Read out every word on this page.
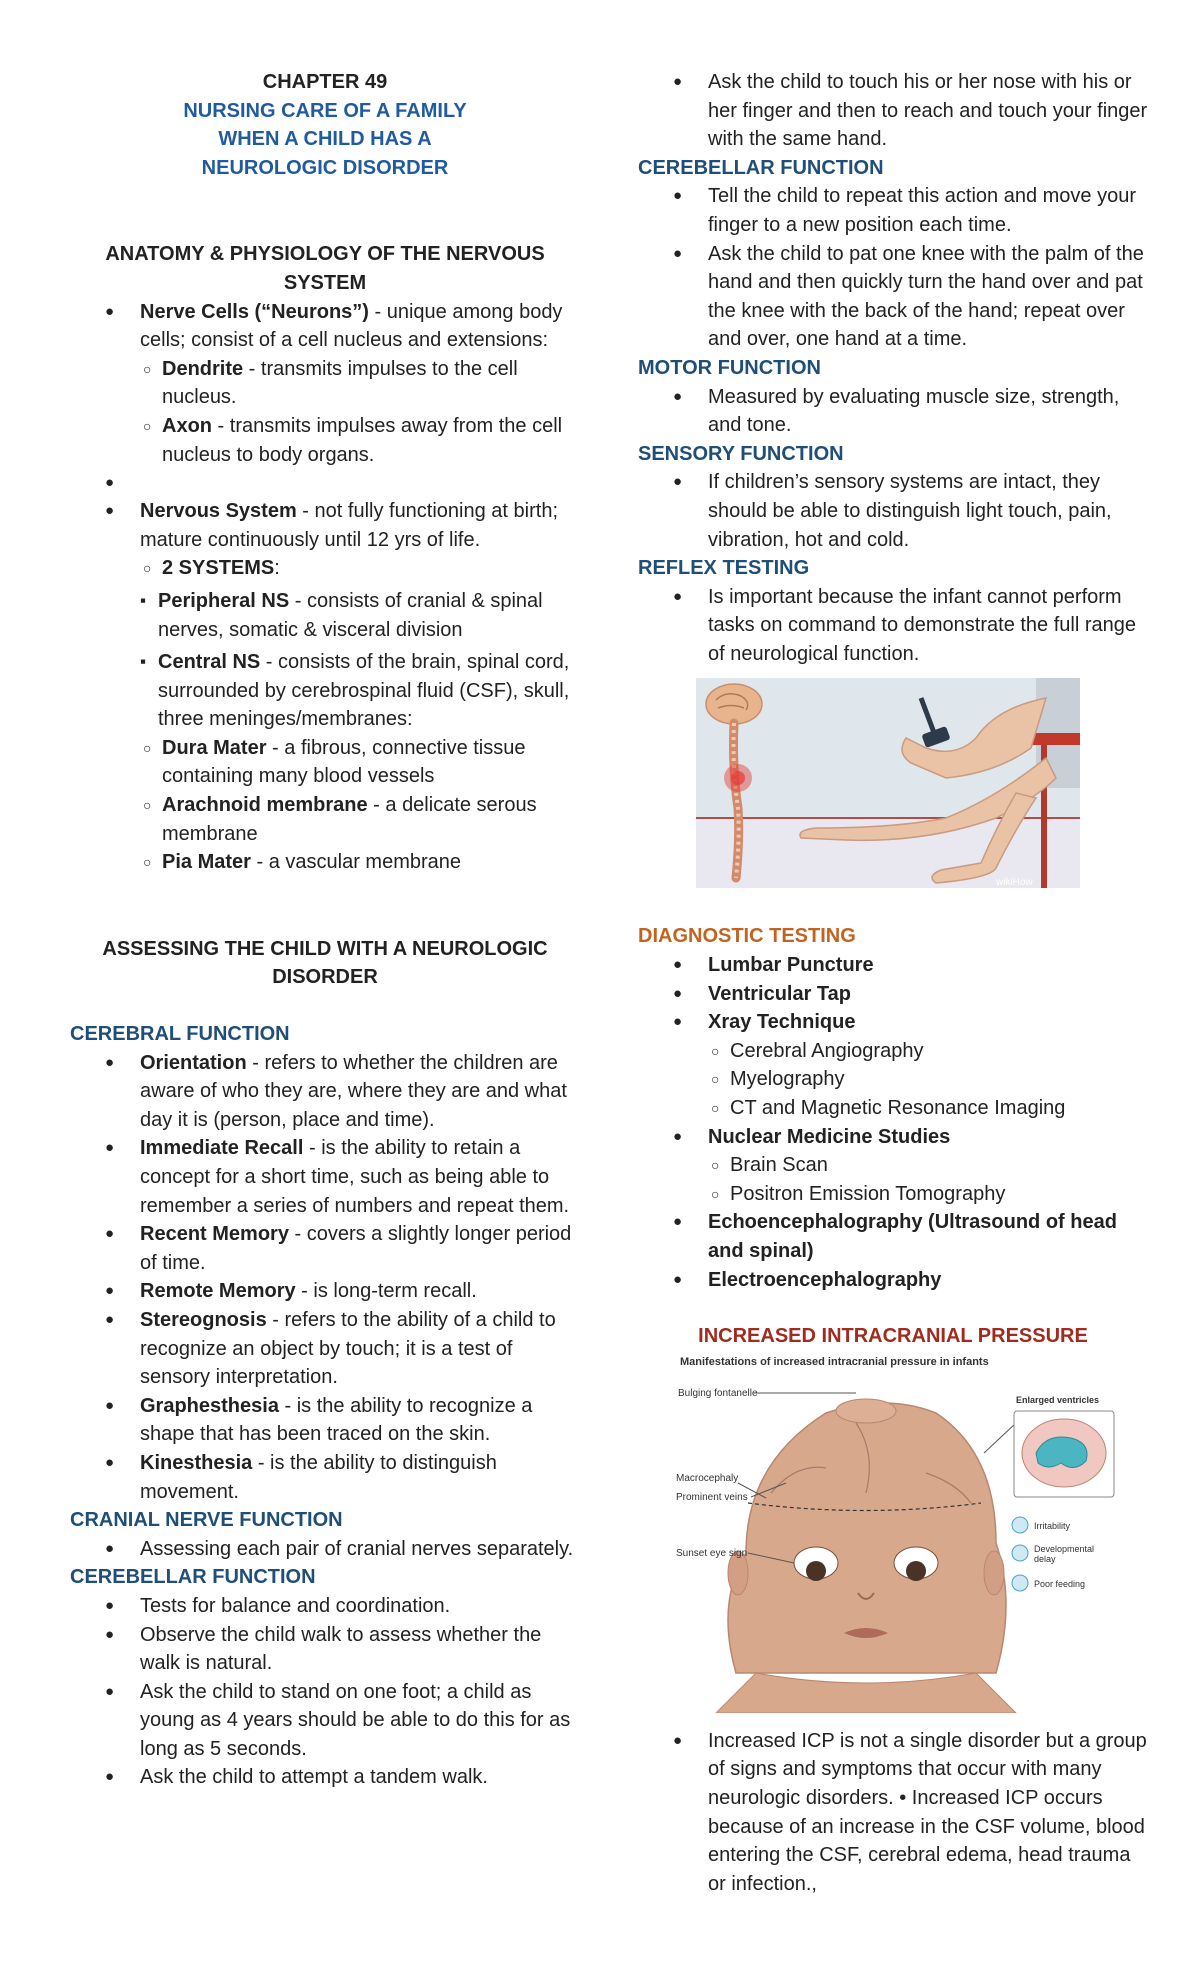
CHAPTER 49
NURSING CARE OF A FAMILY
WHEN A CHILD HAS A
NEUROLOGIC DISORDER
ANATOMY & PHYSIOLOGY OF THE NERVOUS
SYSTEM
● Nerve Cells (“Neurons”) - unique among body cells; consist of a cell nucleus and extensions:
○ Dendrite - transmits impulses to the cell nucleus.
○ Axon - transmits impulses away from the cell nucleus to body organs.
●
● Nervous System - not fully functioning at birth; mature continuously until 12 yrs of life.
○ 2 SYSTEMS:
▪ Peripheral NS - consists of cranial & spinal nerves, somatic & visceral division
▪ Central NS - consists of the brain, spinal cord, surrounded by cerebrospinal fluid (CSF), skull, three meninges/membranes:
○ Dura Mater - a fibrous, connective tissue containing many blood vessels
○ Arachnoid membrane - a delicate serous membrane
○ Pia Mater - a vascular membrane
ASSESSING THE CHILD WITH A NEUROLOGIC
DISORDER
CEREBRAL FUNCTION
● Orientation - refers to whether the children are aware of who they are, where they are and what day it is (person, place and time).
● Immediate Recall - is the ability to retain a concept for a short time, such as being able to remember a series of numbers and repeat them.
● Recent Memory - covers a slightly longer period of time.
● Remote Memory - is long-term recall.
● Stereognosis - refers to the ability of a child to recognize an object by touch; it is a test of sensory interpretation.
● Graphesthesia - is the ability to recognize a shape that has been traced on the skin.
● Kinesthesia - is the ability to distinguish movement.
CRANIAL NERVE FUNCTION
● Assessing each pair of cranial nerves separately.
CEREBELLAR FUNCTION
● Tests for balance and coordination.
● Observe the child walk to assess whether the walk is natural.
● Ask the child to stand on one foot; a child as young as 4 years should be able to do this for as long as 5 seconds.
● Ask the child to attempt a tandem walk.
● Ask the child to touch his or her nose with his or her finger and then to reach and touch your finger with the same hand.
CEREBELLAR FUNCTION
● Tell the child to repeat this action and move your finger to a new position each time.
● Ask the child to pat one knee with the palm of the hand and then quickly turn the hand over and pat the knee with the back of the hand; repeat over and over, one hand at a time.
MOTOR FUNCTION
● Measured by evaluating muscle size, strength, and tone.
SENSORY FUNCTION
● If children’s sensory systems are intact, they should be able to distinguish light touch, pain, vibration, hot and cold.
REFLEX TESTING
● Is important because the infant cannot perform tasks on command to demonstrate the full range of neurological function.
wikiHow
DIAGNOSTIC TESTING
● Lumbar Puncture
● Ventricular Tap
● Xray Technique
○ Cerebral Angiography
○ Myelography
○ CT and Magnetic Resonance Imaging
● Nuclear Medicine Studies
○ Brain Scan
○ Positron Emission Tomography
● Echoencephalography (Ultrasound of head and spinal)
● Electroencephalography
INCREASED INTRACRANIAL PRESSURE
Manifestations of increased intracranial pressure in infants
Bulging fontanelle
Macrocephaly
Prominent veins
Sunset eye sign
Enlarged ventricles
Irritability
Developmental
delay
Poor feeding
● Increased ICP is not a single disorder but a group of signs and symptoms that occur with many neurologic disorders. • Increased ICP occurs because of an increase in the CSF volume, blood entering the CSF, cerebral edema, head trauma or infection.,
